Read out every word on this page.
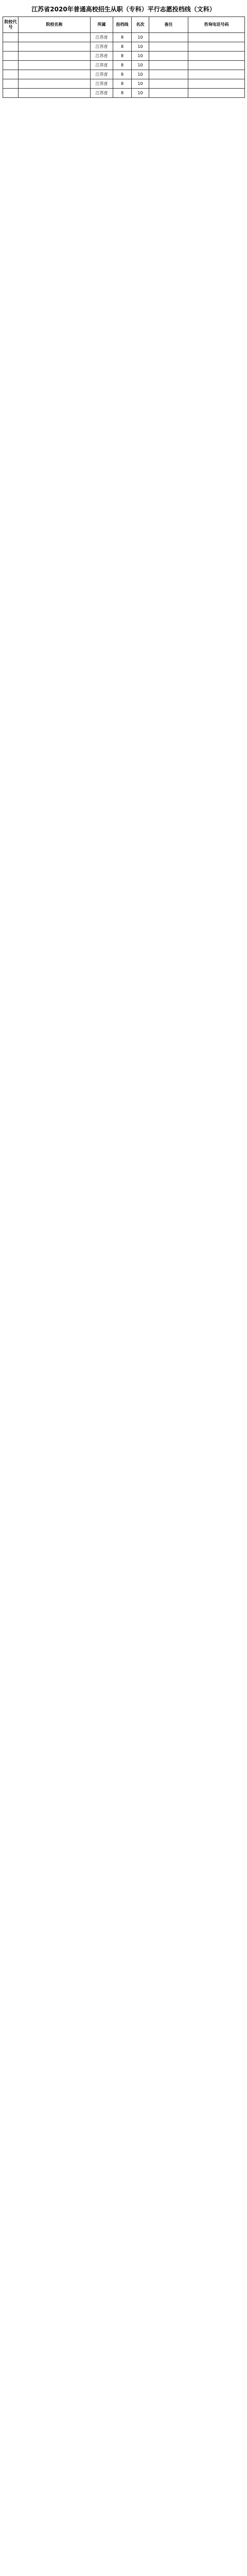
江苏省2020年普通高校招生从职（专科）平行志愿投档线（文科）
院校代号	院校名称	所属	投档线	名次	备注	咨询电话号码
		江苏省	8	10		
		江苏省	8	10		
		江苏省	8	10		
		江苏省	8	10		
		江苏省	8	10		
		江苏省	8	10		
		江苏省	8	10		
